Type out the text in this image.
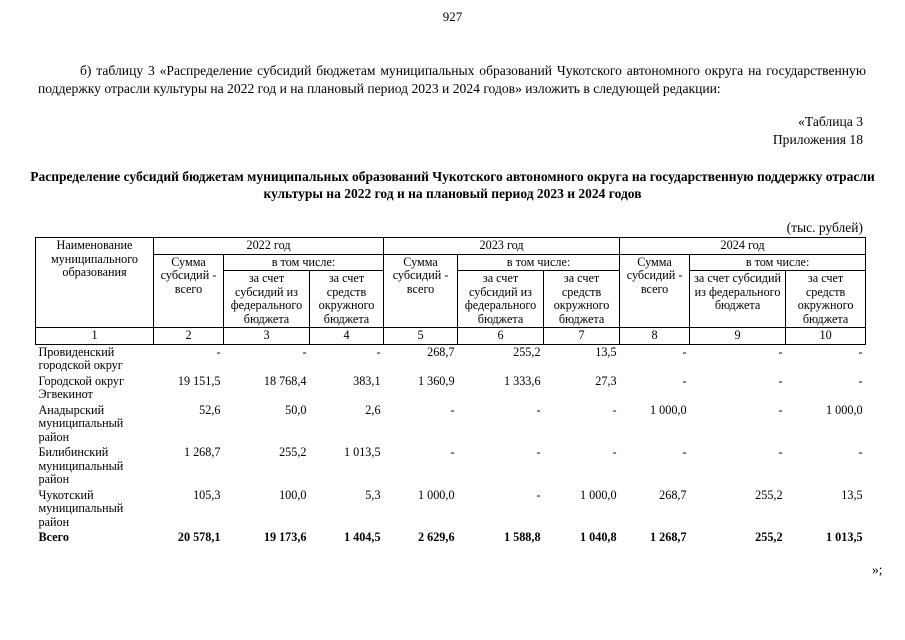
927
б) таблицу 3 «Распределение субсидий бюджетам муниципальных образований Чукотского автономного округа на государственную поддержку отрасли культуры на 2022 год и на плановый период 2023 и 2024 годов» изложить в следующей редакции:
«Таблица 3
Приложения 18
Распределение субсидий бюджетам муниципальных образований Чукотского автономного округа на государственную поддержку отрасли культуры на 2022 год и на плановый период 2023 и 2024 годов
(тыс. рублей)
Наименование муниципального образования	2022 год			2023 год			2024 год		
	Сумма субсидий - всего	в том числе:		Сумма субсидий - всего	в том числе:		Сумма субсидий - всего	в том числе:	
		за счет субсидий из федерального бюджета	за счет средств окружного бюджета		за счет субсидий из федерального бюджета	за счет средств окружного бюджета		за счет субсидий из федерального бюджета	за счет средств окружного бюджета
1	2	3	4	5	6	7	8	9	10
Провиденский городской округ	-	-	-	268,7	255,2	13,5	-	-	-
Городской округ Эгвекинот	19 151,5	18 768,4	383,1	1 360,9	1 333,6	27,3	-	-	-
Анадырский муниципальный район	52,6	50,0	2,6	-	-	-	1 000,0	-	1 000,0
Билибинский муниципальный район	1 268,7	255,2	1 013,5	-	-	-	-	-	-
Чукотский муниципальный район	105,3	100,0	5,3	1 000,0	-	1 000,0	268,7	255,2	13,5
Всего	20 578,1	19 173,6	1 404,5	2 629,6	1 588,8	1 040,8	1 268,7	255,2	1 013,5
»;
